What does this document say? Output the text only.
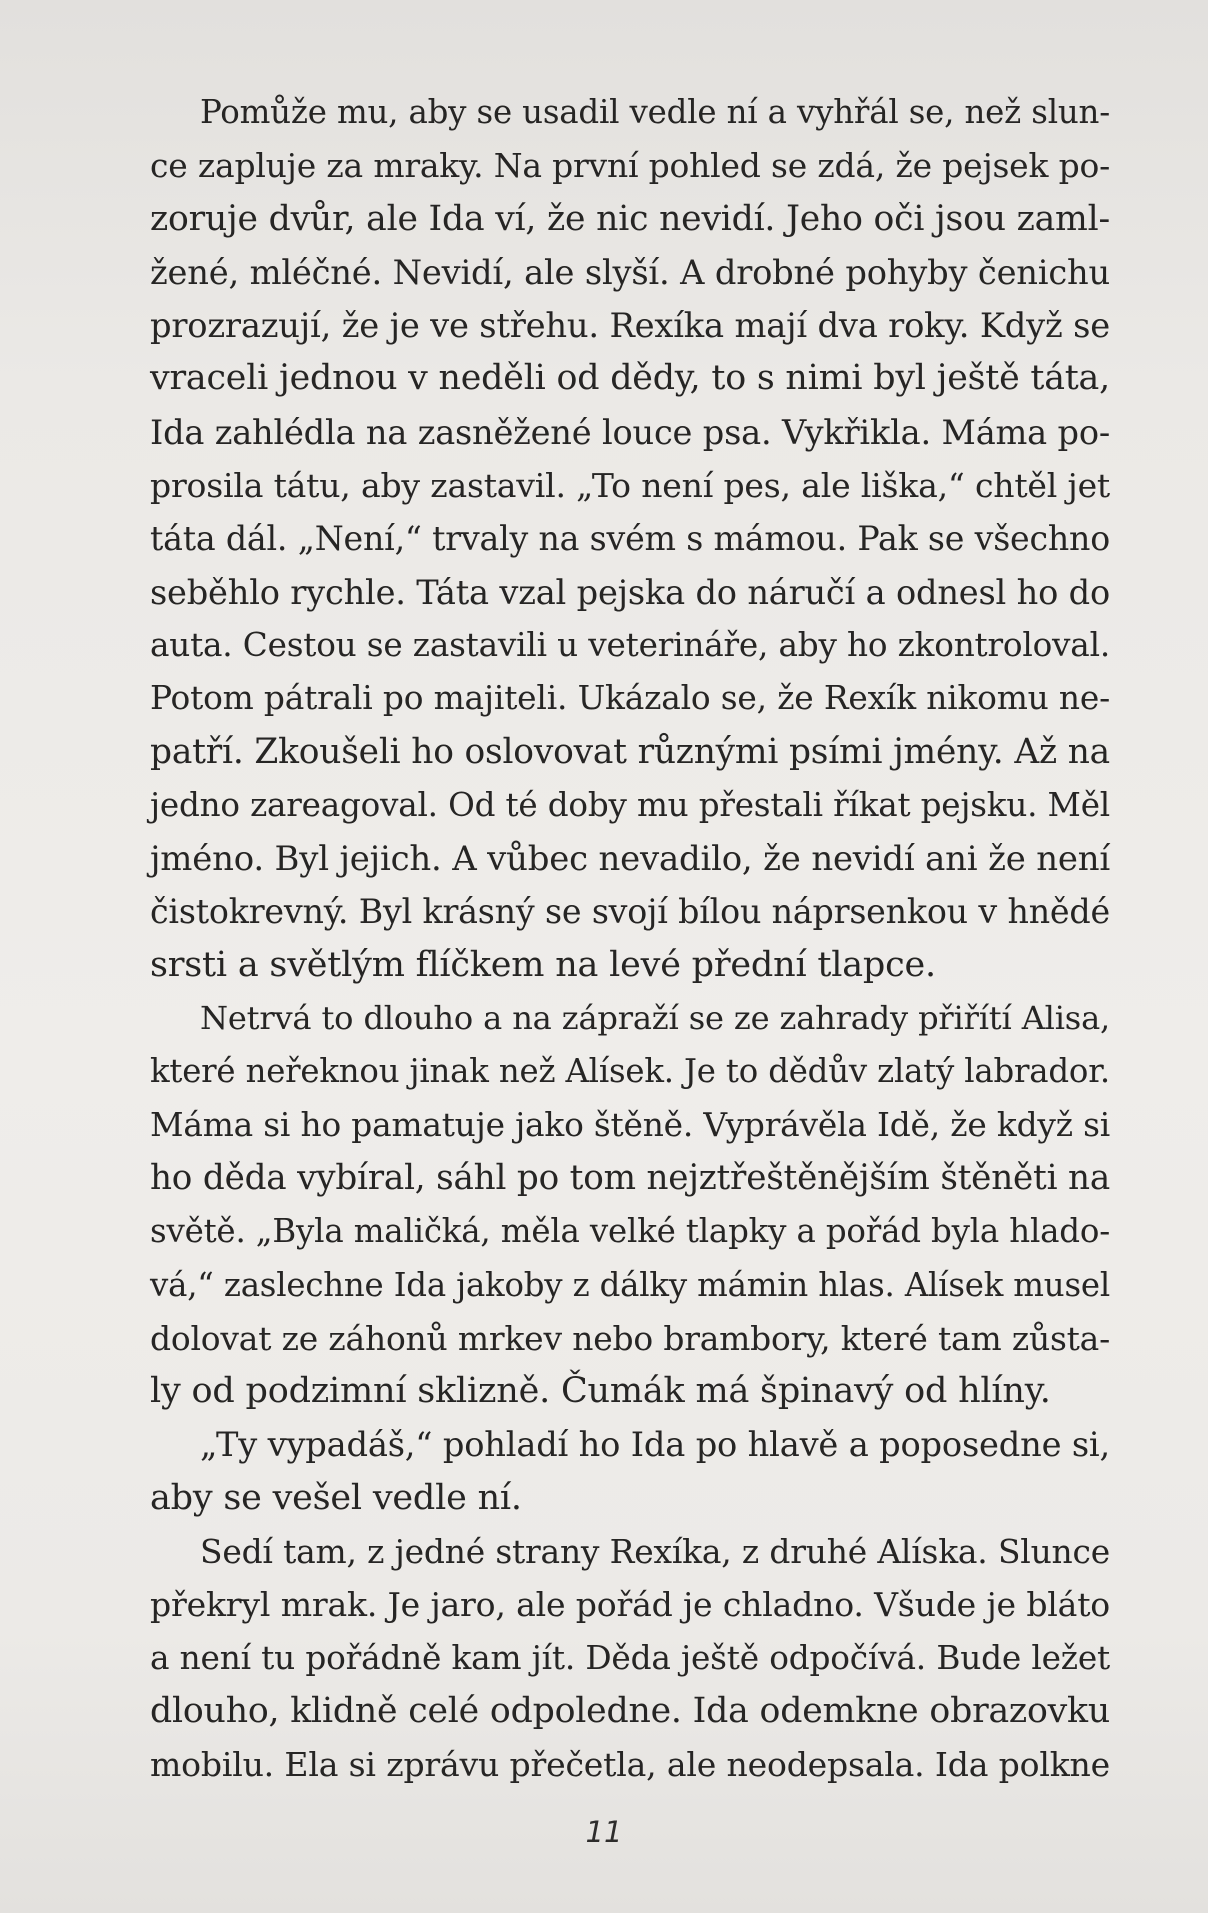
Pomůže mu, aby se usadil vedle ní a vyhřál se, než slun-
ce zapluje za mraky. Na první pohled se zdá, že pejsek po-
zoruje dvůr, ale Ida ví, že nic nevidí. Jeho oči jsou zaml-
žené, mléčné. Nevidí, ale slyší. A drobné pohyby čenichu
prozrazují, že je ve střehu. Rexíka mají dva roky. Když se
vraceli jednou v neděli od dědy, to s nimi byl ještě táta,
Ida zahlédla na zasněžené louce psa. Vykřikla. Máma po-
prosila tátu, aby zastavil. „To není pes, ale liška,“ chtěl jet
táta dál. „Není,“ trvaly na svém s mámou. Pak se všechno
seběhlo rychle. Táta vzal pejska do náručí a odnesl ho do
auta. Cestou se zastavili u veterináře, aby ho zkontroloval.
Potom pátrali po majiteli. Ukázalo se, že Rexík nikomu ne-
patří. Zkoušeli ho oslovovat různými psími jmény. Až na
jedno zareagoval. Od té doby mu přestali říkat pejsku. Měl
jméno. Byl jejich. A vůbec nevadilo, že nevidí ani že není
čistokrevný. Byl krásný se svojí bílou náprsenkou v hnědé
srsti a světlým flíčkem na levé přední tlapce.
Netrvá to dlouho a na zápraží se ze zahrady přiřítí Alisa,
které neřeknou jinak než Alísek. Je to dědův zlatý labrador.
Máma si ho pamatuje jako štěně. Vyprávěla Idě, že když si
ho děda vybíral, sáhl po tom nejztřeštěnějším štěněti na
světě. „Byla maličká, měla velké tlapky a pořád byla hlado-
vá,“ zaslechne Ida jakoby z dálky mámin hlas. Alísek musel
dolovat ze záhonů mrkev nebo brambory, které tam zůsta-
ly od podzimní sklizně. Čumák má špinavý od hlíny.
„Ty vypadáš,“ pohladí ho Ida po hlavě a poposedne si,
aby se vešel vedle ní.
Sedí tam, z jedné strany Rexíka, z druhé Alíska. Slunce
překryl mrak. Je jaro, ale pořád je chladno. Všude je bláto
a není tu pořádně kam jít. Děda ještě odpočívá. Bude ležet
dlouho, klidně celé odpoledne. Ida odemkne obrazovku
mobilu. Ela si zprávu přečetla, ale neodepsala. Ida polkne
11
